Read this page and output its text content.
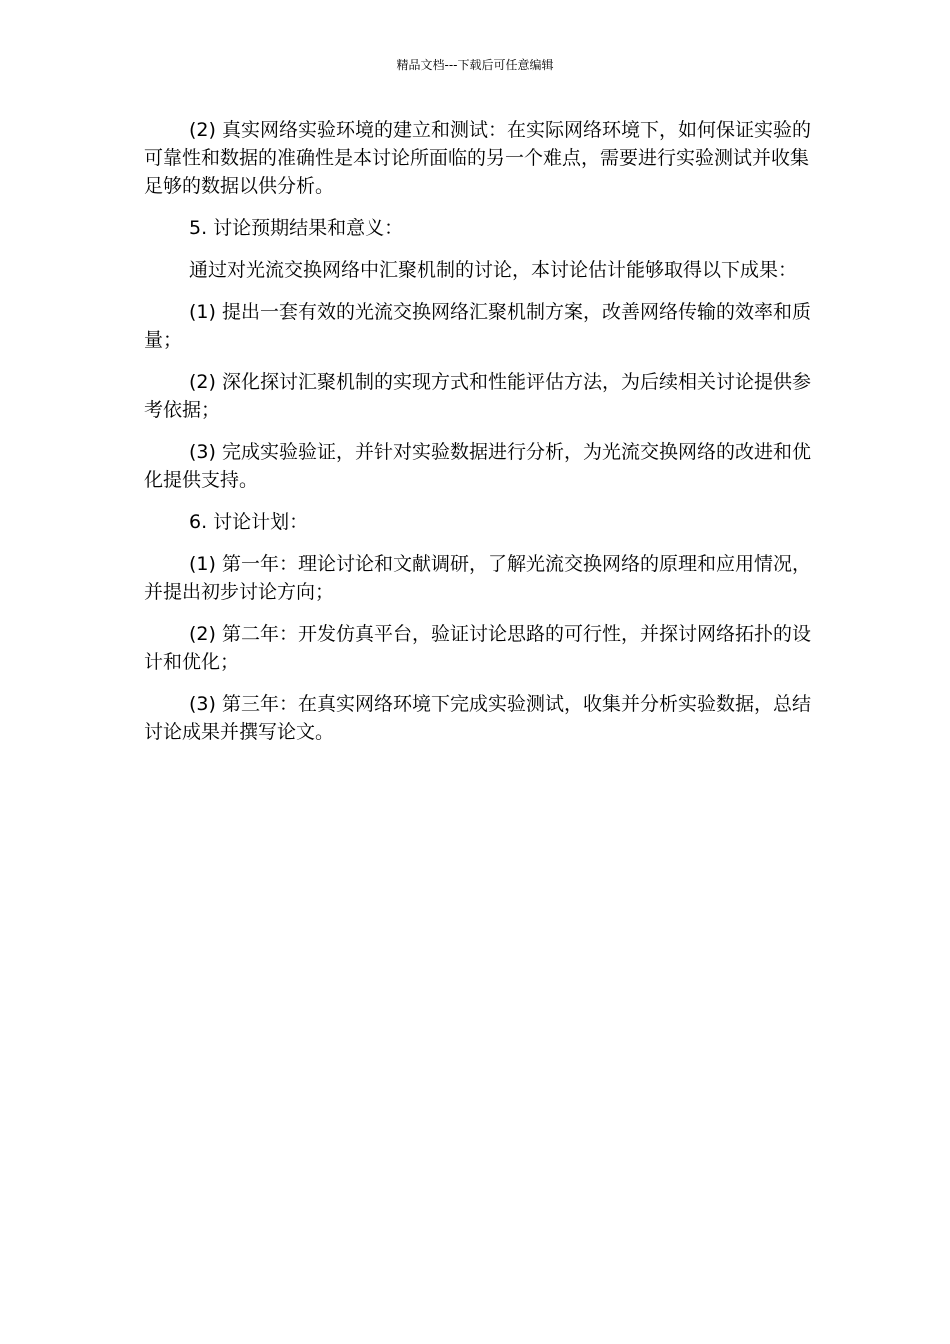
精品文档---下载后可任意编辑

(2) 真实网络实验环境的建立和测试：在实际网络环境下，如何保证实验的可靠性和数据的准确性是本讨论所面临的另一个难点，需要进行实验测试并收集足够的数据以供分析。

5. 讨论预期结果和意义：

通过对光流交换网络中汇聚机制的讨论，本讨论估计能够取得以下成果：

(1) 提出一套有效的光流交换网络汇聚机制方案，改善网络传输的效率和质量；

(2) 深化探讨汇聚机制的实现方式和性能评估方法，为后续相关讨论提供参考依据；

(3) 完成实验验证，并针对实验数据进行分析，为光流交换网络的改进和优化提供支持。

6. 讨论计划：

(1) 第一年：理论讨论和文献调研，了解光流交换网络的原理和应用情况，并提出初步讨论方向；

(2) 第二年：开发仿真平台，验证讨论思路的可行性，并探讨网络拓扑的设计和优化；

(3) 第三年：在真实网络环境下完成实验测试，收集并分析实验数据，总结讨论成果并撰写论文。
